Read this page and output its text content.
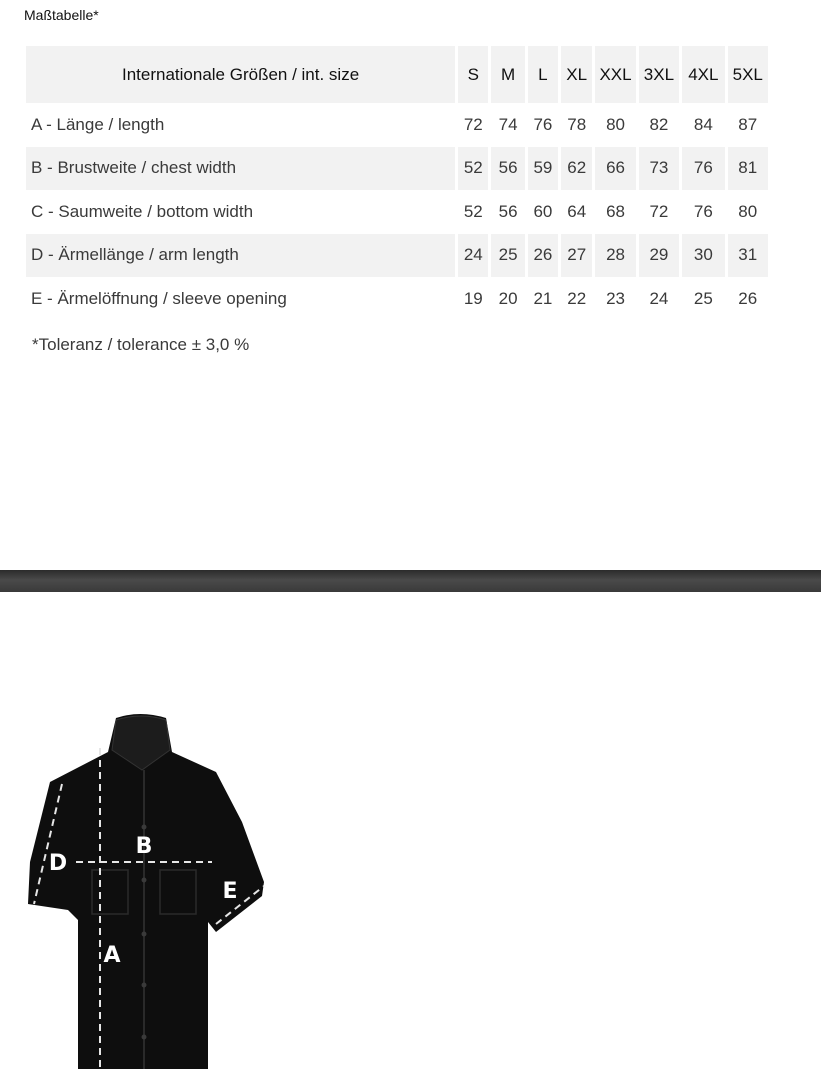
Maßtabelle*
Internationale Größen / int. size	S	M	L	XL	XXL	3XL	4XL	5XL
A - Länge / length	72	74	76	78	80	82	84	87
B - Brustweite / chest width	52	56	59	62	66	73	76	81
C - Saumweite / bottom width	52	56	60	64	68	72	76	80
D - Ärmellänge / arm length	24	25	26	27	28	29	30	31
E - Ärmelöffnung / sleeve opening	19	20	21	22	23	24	25	26
*Toleranz / tolerance ± 3,0 %
B
A
D
E
